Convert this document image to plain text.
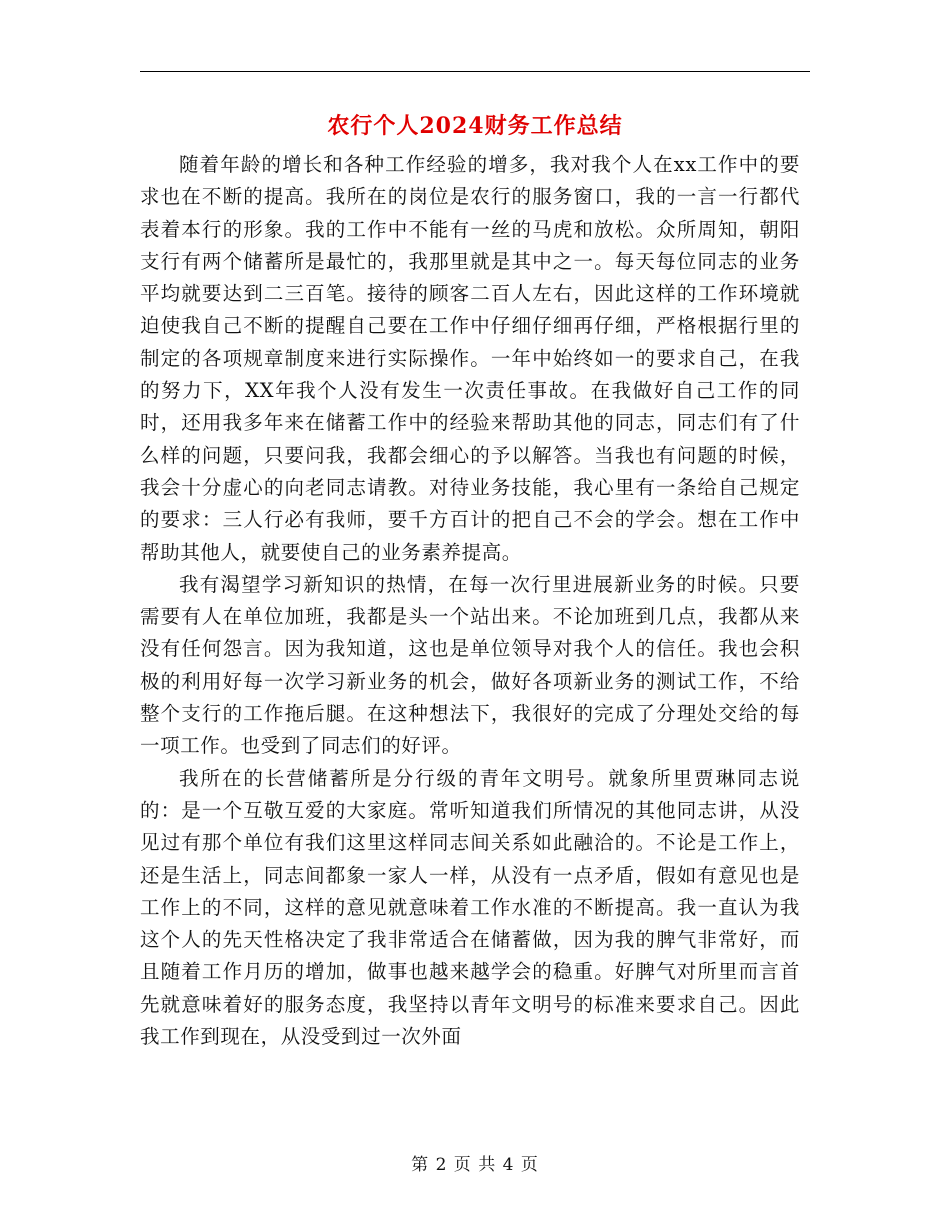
农行个人2024财务工作总结

随着年龄的增长和各种工作经验的增多，我对我个人在xx工作中的要求也在不断的提高。我所在的岗位是农行的服务窗口，我的一言一行都代表着本行的形象。我的工作中不能有一丝的马虎和放松。众所周知，朝阳支行有两个储蓄所是最忙的，我那里就是其中之一。每天每位同志的业务平均就要达到二三百笔。接待的顾客二百人左右，因此这样的工作环境就迫使我自己不断的提醒自己要在工作中仔细仔细再仔细，严格根据行里的制定的各项规章制度来进行实际操作。一年中始终如一的要求自己，在我的努力下，XX年我个人没有发生一次责任事故。在我做好自己工作的同时，还用我多年来在储蓄工作中的经验来帮助其他的同志，同志们有了什么样的问题，只要问我，我都会细心的予以解答。当我也有问题的时候，我会十分虚心的向老同志请教。对待业务技能，我心里有一条给自己规定的要求：三人行必有我师，要千方百计的把自己不会的学会。想在工作中帮助其他人，就要使自己的业务素养提高。

我有渴望学习新知识的热情，在每一次行里进展新业务的时候。只要需要有人在单位加班，我都是头一个站出来。不论加班到几点，我都从来没有任何怨言。因为我知道，这也是单位领导对我个人的信任。我也会积极的利用好每一次学习新业务的机会，做好各项新业务的测试工作，不给整个支行的工作拖后腿。在这种想法下，我很好的完成了分理处交给的每一项工作。也受到了同志们的好评。

我所在的长营储蓄所是分行级的青年文明号。就象所里贾琳同志说的：是一个互敬互爱的大家庭。常听知道我们所情况的其他同志讲，从没见过有那个单位有我们这里这样同志间关系如此融洽的。不论是工作上，还是生活上，同志间都象一家人一样，从没有一点矛盾，假如有意见也是工作上的不同，这样的意见就意味着工作水准的不断提高。我一直认为我这个人的先天性格决定了我非常适合在储蓄做，因为我的脾气非常好，而且随着工作月历的增加，做事也越来越学会的稳重。好脾气对所里而言首先就意味着好的服务态度，我坚持以青年文明号的标准来要求自己。因此我工作到现在，从没受到过一次外面

第 2 页 共 4 页
